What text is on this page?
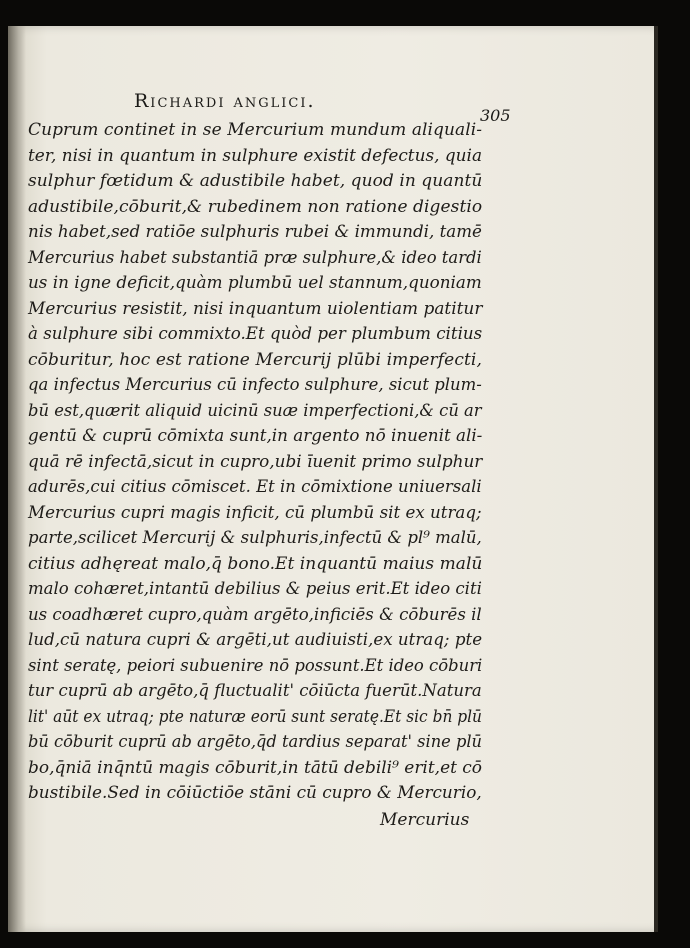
Richardi anglici.
305
Cuprum continet in se Mercurium mundum aliquali-
ter, nisi in quantum in sulphure existit defectus, quia
sulphur fœtidum & adustibile habet, quod in quantū
adustibile,cōburit,& rubedinem non ratione digestio
nis habet,sed ratiōe sulphuris rubei & immundi, tamē
Mercurius habet substantiā præ sulphure,& ideo tardi
us in igne deficit,quàm plumbū uel stannum,quoniam
Mercurius resistit, nisi inquantum uiolentiam patitur
à sulphure sibi commixto.Et quòd per plumbum citius
cōburitur, hoc est ratione Mercurij plūbi imperfecti,
qa infectus Mercurius cū infecto sulphure, sicut plum-
bū est,quærit aliquid uicinū suæ imperfectioni,& cū ar
gentū & cuprū cōmixta sunt,in argento nō inuenit ali-
quā rē infectā,sicut in cupro,ubi īuenit primo sulphur
adurēs,cui citius cōmiscet. Et in cōmixtione uniuersali
Mercurius cupri magis inficit, cū plumbū sit ex utraq;
parte,scilicet Mercurij & sulphuris,infectū & pl⁹ malū,
citius adhęreat malo,q̄ bono.Et inquantū maius malū
malo cohæret,intantū debilius & peius erit.Et ideo citi
us coadhæret cupro,quàm argēto,inficiēs & cōburēs il
lud,cū natura cupri & argēti,ut audiuisti,ex utraq; pte
sint seratę, peiori subuenire nō possunt.Et ideo cōburi
tur cuprū ab argēto,q̄ fluctualit' cōiūcta fuerūt.Natura
lit' aūt ex utraq; pte naturæ eorū sunt seratę.Et sic bn̄ plū
bū cōburit cuprū ab argēto,q̄d tardius separat' sine plū
bo,q̄niā inq̄ntū magis cōburit,in tātū debili⁹ erit,et cō
bustibile.Sed in cōiūctiōe stāni cū cupro & Mercurio,
Mercurius
